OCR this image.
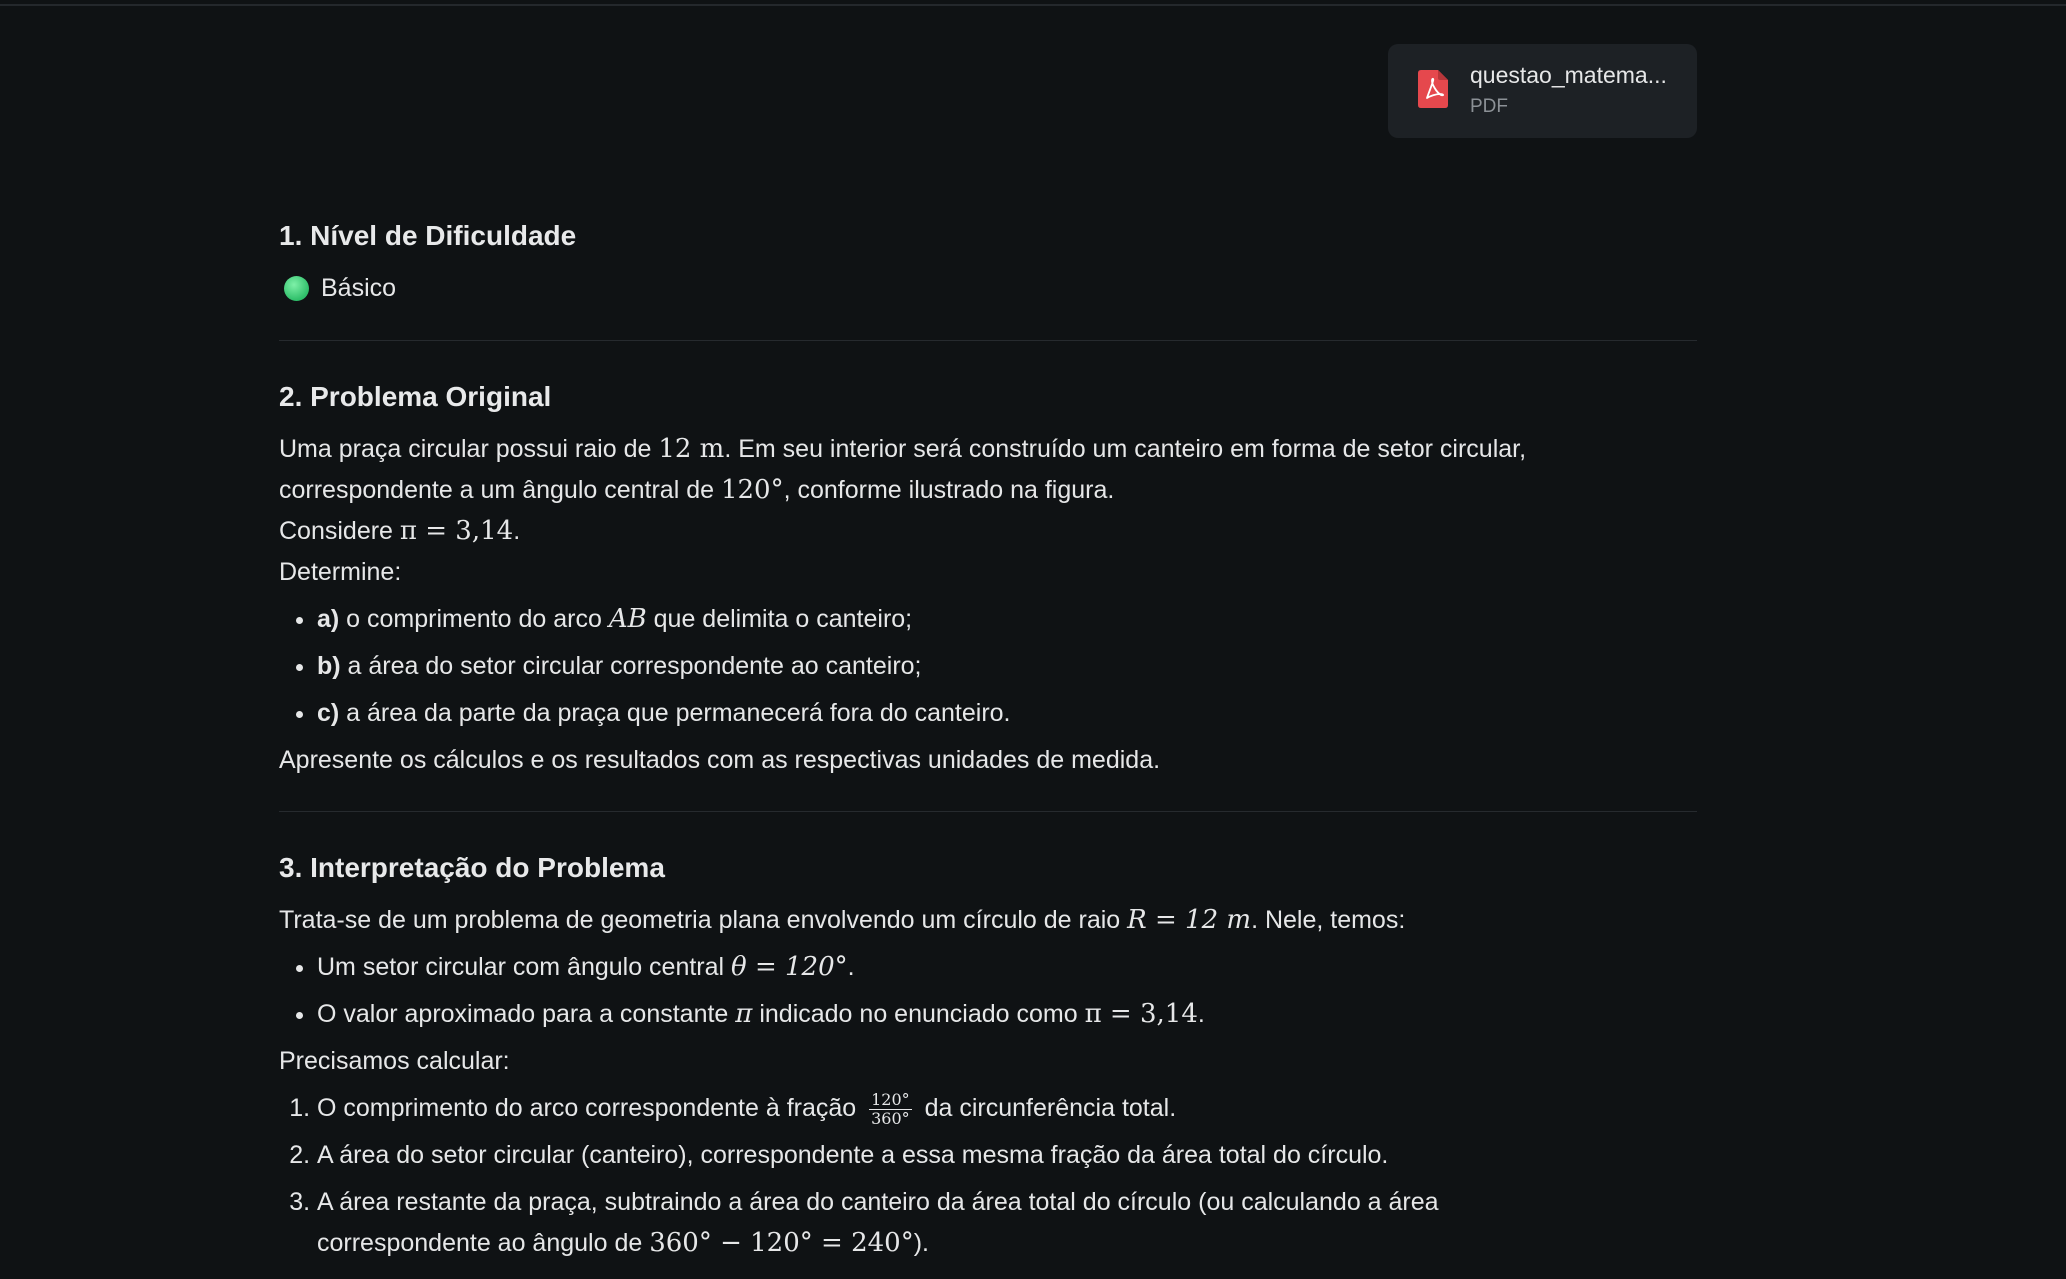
questao_matema...
PDF
1. Nível de Dificuldade
Básico
2. Problema Original

Uma praça circular possui raio de 12 m. Em seu interior será construído um canteiro em forma de setor circular,
correspondente a um ângulo central de 120°, conforme ilustrado na figura.

Considere π = 3,14.

Determine:

• a) o comprimento do arco AB que delimita o canteiro;
• b) a área do setor circular correspondente ao canteiro;
• c) a área da parte da praça que permanecerá fora do canteiro.

Apresente os cálculos e os resultados com as respectivas unidades de medida.

3. Interpretação do Problema

Trata-se de um problema de geometria plana envolvendo um círculo de raio R = 12 m. Nele, temos:

• Um setor circular com ângulo central θ = 120°.
• O valor aproximado para a constante π indicado no enunciado como π = 3,14.

Precisamos calcular:

1. O comprimento do arco correspondente à fração $\frac{120^\circ}{360^\circ}$ da circunferência total.
2. A área do setor circular (canteiro), correspondente a essa mesma fração da área total do círculo.
3. A área restante da praça, subtraindo a área do canteiro da área total do círculo (ou calculando a área
correspondente ao ângulo de 360° − 120° = 240°).
